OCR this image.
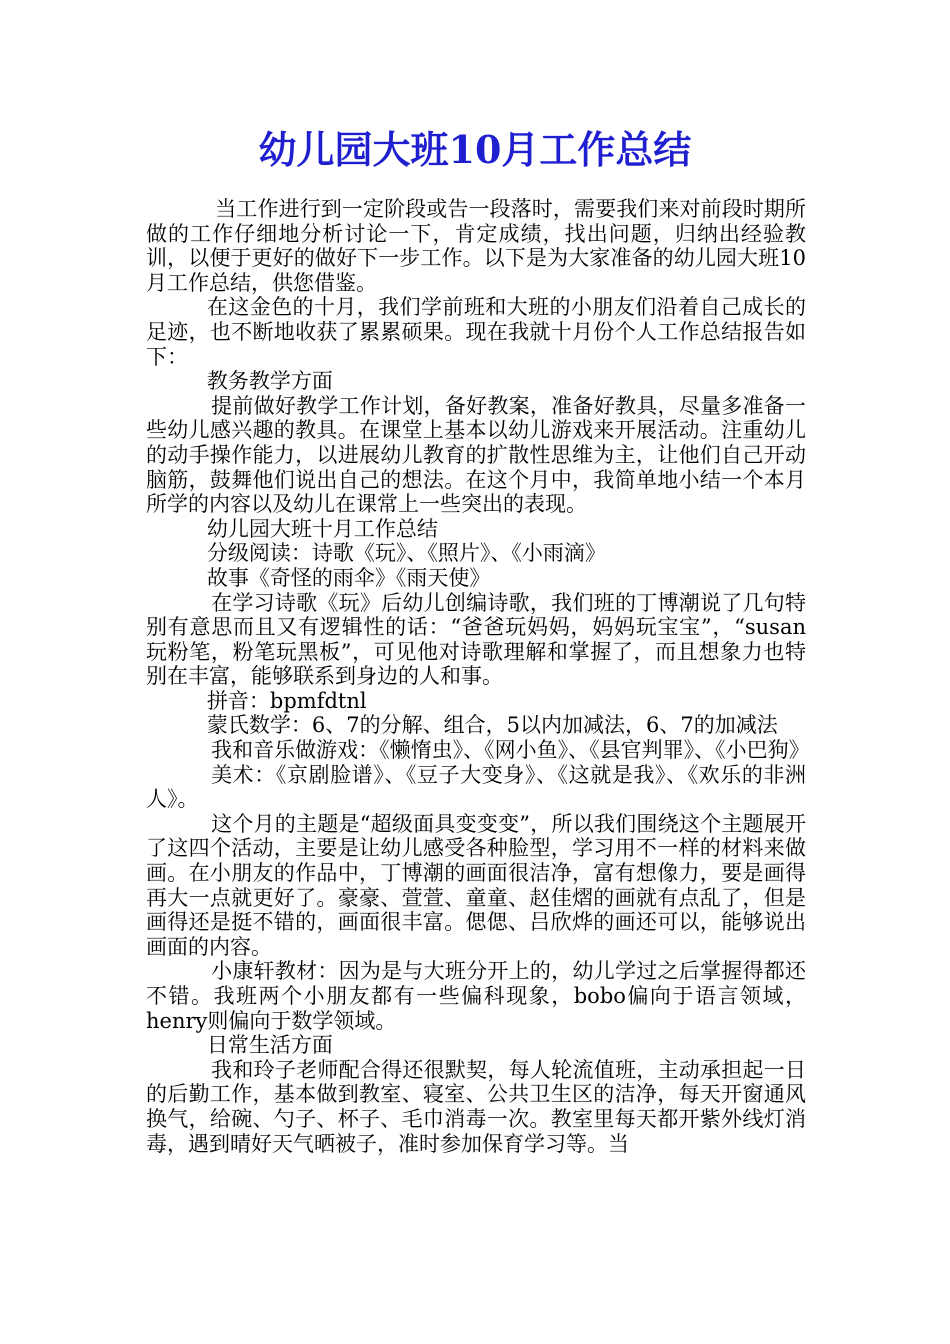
幼儿园大班10月工作总结

当工作进行到一定阶段或告一段落时，需要我们来对前段时期所做的工作仔细地分析讨论一下，肯定成绩，找出问题，归纳出经验教训，以便于更好的做好下一步工作。以下是为大家准备的幼儿园大班10月工作总结，供您借鉴。

在这金色的十月，我们学前班和大班的小朋友们沿着自己成长的足迹，也不断地收获了累累硕果。现在我就十月份个人工作总结报告如下：

教务教学方面

提前做好教学工作计划，备好教案，准备好教具，尽量多准备一些幼儿感兴趣的教具。在课堂上基本以幼儿游戏来开展活动。注重幼儿的动手操作能力，以进展幼儿教育的扩散性思维为主，让他们自己开动脑筋，鼓舞他们说出自己的想法。在这个月中，我简单地小结一个本月所学的内容以及幼儿在课常上一些突出的表现。

幼儿园大班十月工作总结

分级阅读：诗歌《玩》、《照片》、《小雨滴》

故事《奇怪的雨伞》《雨天使》

在学习诗歌《玩》后幼儿创编诗歌，我们班的丁博潮说了几句特别有意思而且又有逻辑性的话：“爸爸玩妈妈，妈妈玩宝宝”，“susan玩粉笔，粉笔玩黑板”，可见他对诗歌理解和掌握了，而且想象力也特别在丰富，能够联系到身边的人和事。

拼音：bpmfdtnl

蒙氏数学：6、7的分解、组合，5以内加减法，6、7的加减法

我和音乐做游戏：《懒惰虫》、《网小鱼》、《县官判罪》、《小巴狗》

美术：《京剧脸谱》、《豆子大变身》、《这就是我》、《欢乐的非洲人》。

这个月的主题是“超级面具变变变”，所以我们围绕这个主题展开了这四个活动，主要是让幼儿感受各种脸型，学习用不一样的材料来做画。在小朋友的作品中，丁博潮的画面很洁净，富有想像力，要是画得再大一点就更好了。豪豪、萱萱、童童、赵佳熠的画就有点乱了，但是画得还是挺不错的，画面很丰富。偲偲、吕欣烨的画还可以，能够说出画面的内容。

小康轩教材：因为是与大班分开上的，幼儿学过之后掌握得都还不错。我班两个小朋友都有一些偏科现象，bobo偏向于语言领域，henry则偏向于数学领域。

日常生活方面

我和玲子老师配合得还很默契，每人轮流值班，主动承担起一日的后勤工作，基本做到教室、寝室、公共卫生区的洁净，每天开窗通风换气，给碗、勺子、杯子、毛巾消毒一次。教室里每天都开紫外线灯消毒，遇到晴好天气晒被子，准时参加保育学习等。当
